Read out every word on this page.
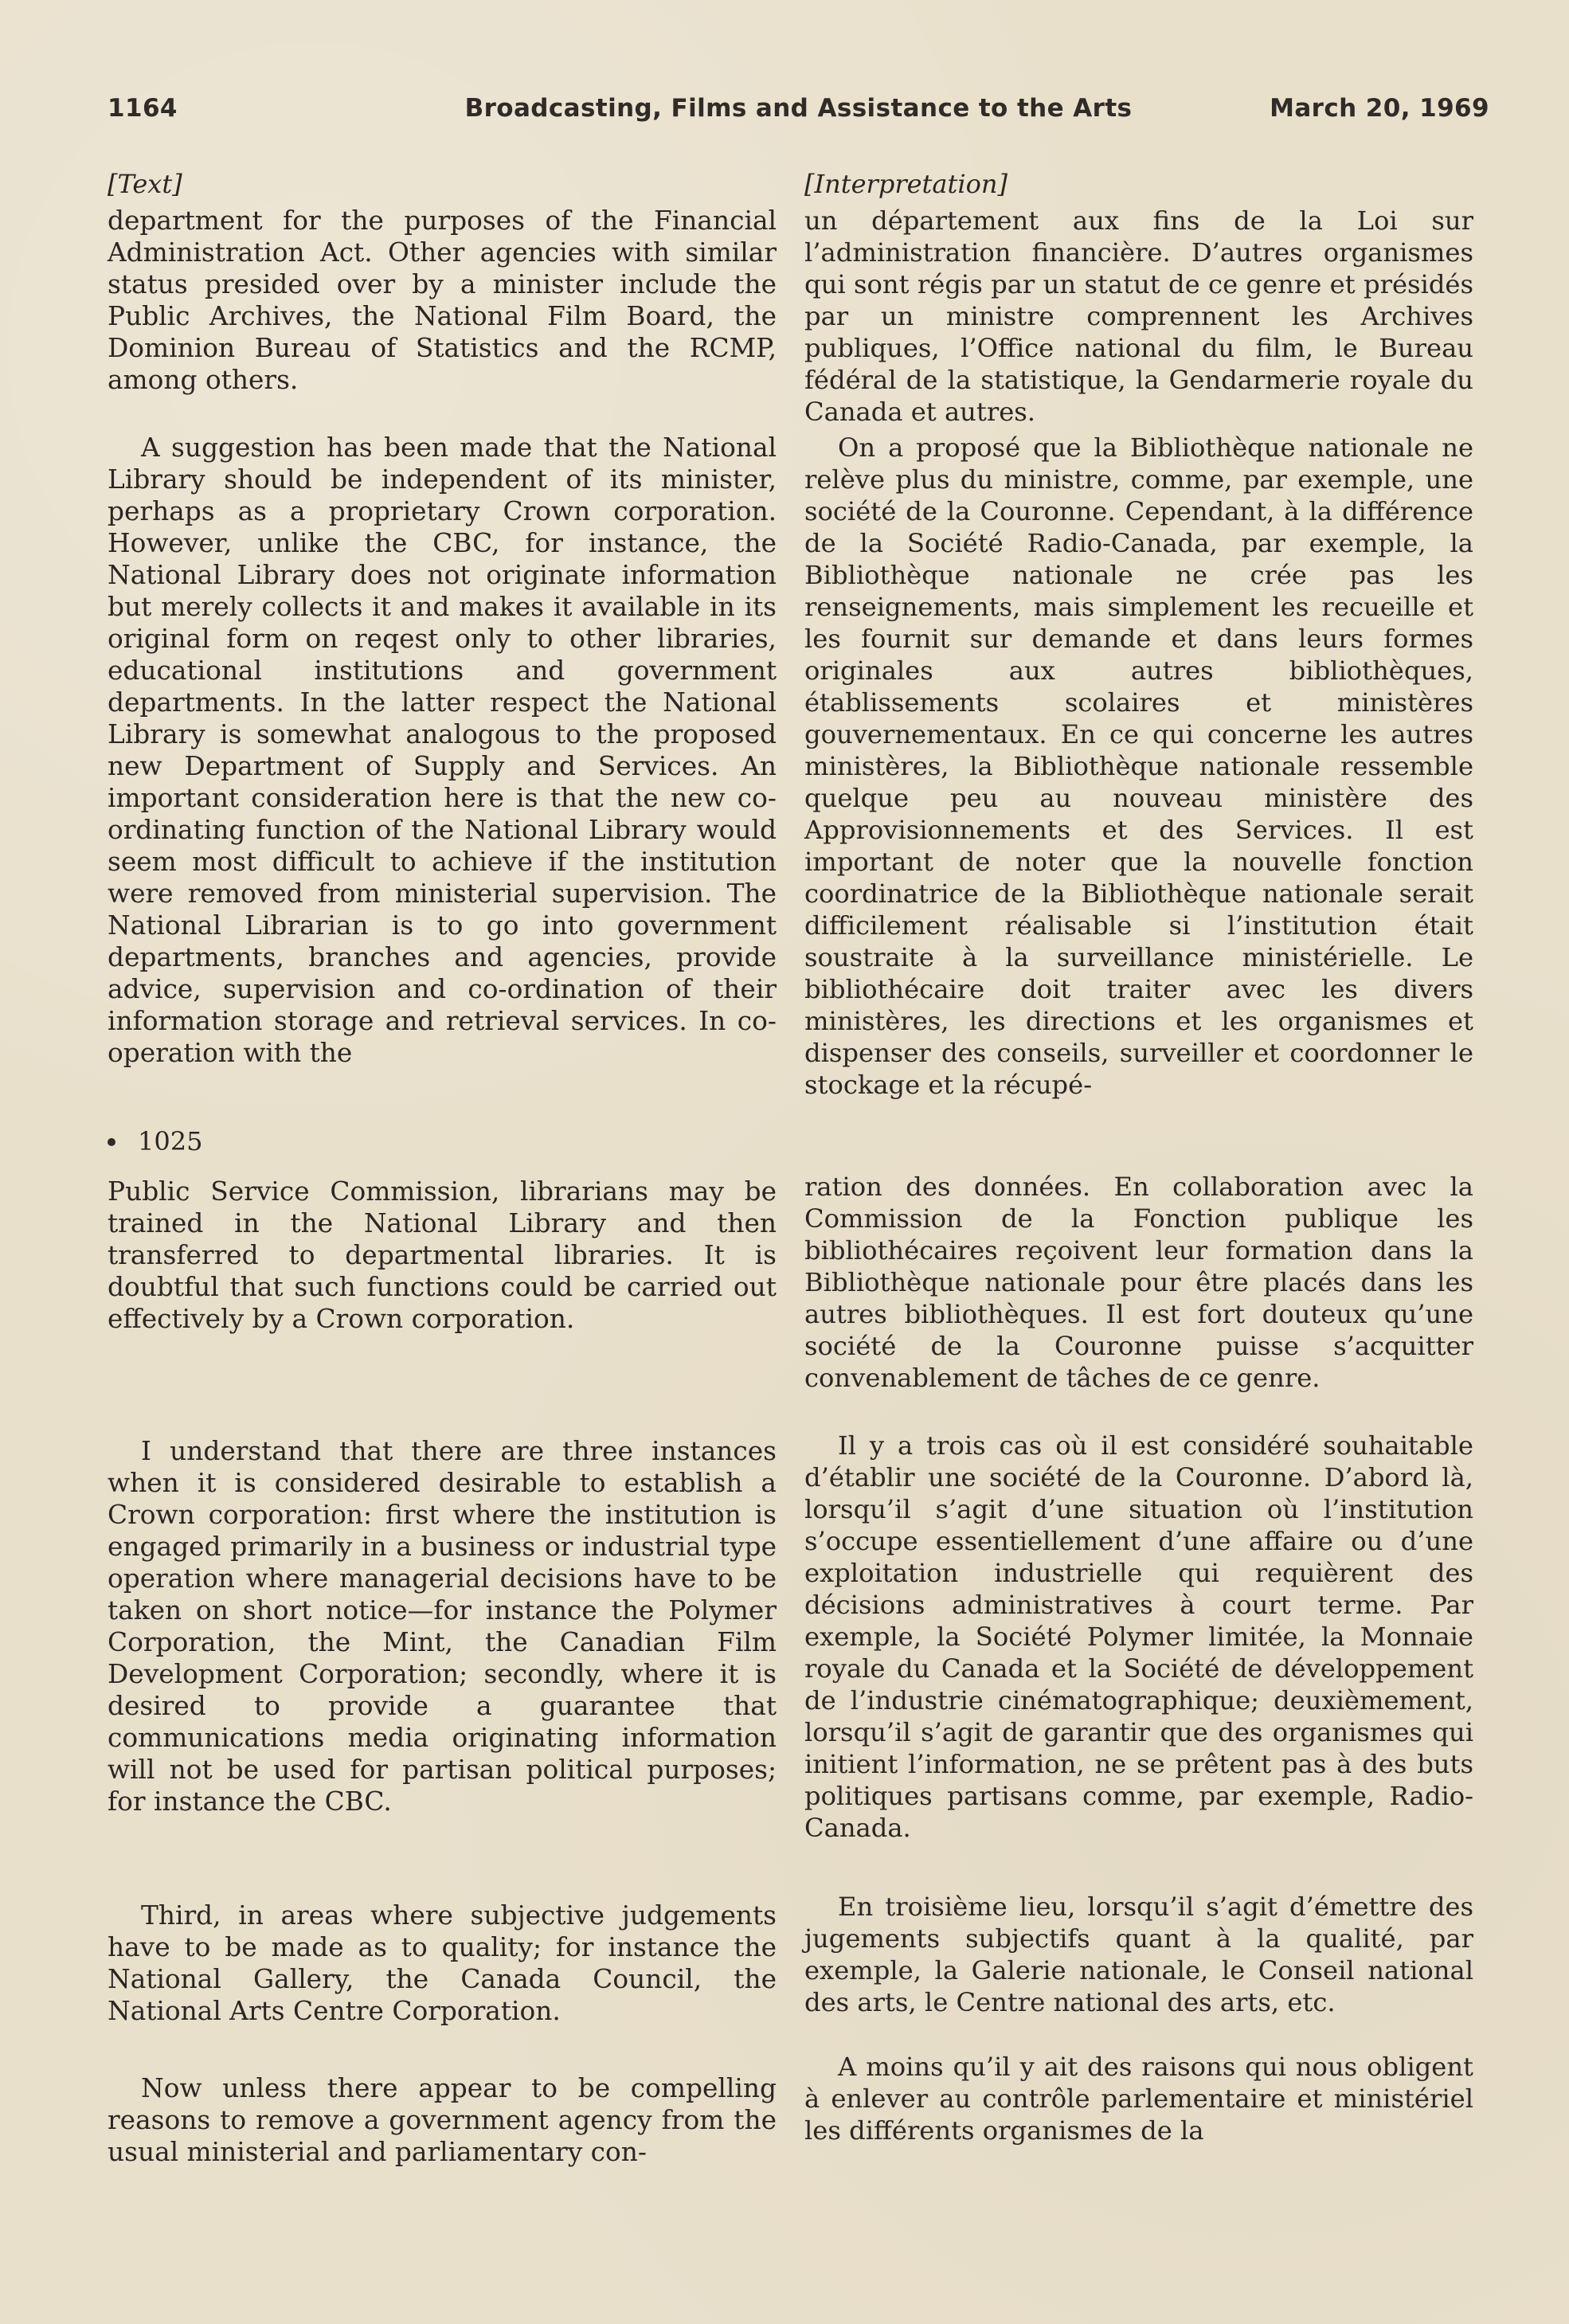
1164	Broadcasting, Films and Assistance to the Arts	March 20, 1969
[Text]
department for the purposes of the Financial Administration Act. Other agencies with similar status presided over by a minister include the Public Archives, the National Film Board, the Dominion Bureau of Statistics and the RCMP, among others.
A suggestion has been made that the National Library should be independent of its minister, perhaps as a proprietary Crown corporation. However, unlike the CBC, for instance, the National Library does not originate information but merely collects it and makes it available in its original form on reqest only to other libraries, educational institutions and government departments. In the latter respect the National Library is somewhat analogous to the proposed new Department of Supply and Services. An important consideration here is that the new co-ordinating function of the National Library would seem most difficult to achieve if the institution were removed from ministerial supervision. The National Librarian is to go into government departments, branches and agencies, provide advice, supervision and co-ordination of their information storage and retrieval services. In co-operation with the
Public Service Commission, librarians may be trained in the National Library and then transferred to departmental libraries. It is doubtful that such functions could be carried out effectively by a Crown corporation.
I understand that there are three instances when it is considered desirable to establish a Crown corporation: first where the institution is engaged primarily in a business or industrial type operation where managerial decisions have to be taken on short notice—for instance the Polymer Corporation, the Mint, the Canadian Film Development Corporation; secondly, where it is desired to provide a guarantee that communications media originating information will not be used for partisan political purposes; for instance the CBC.
Third, in areas where subjective judgements have to be made as to quality; for instance the National Gallery, the Canada Council, the National Arts Centre Corporation.
Now unless there appear to be compelling reasons to remove a government agency from the usual ministerial and parliamentary con-
1025
[Interpretation]
un département aux fins de la Loi sur l’administration financière. D’autres organismes qui sont régis par un statut de ce genre et présidés par un ministre comprennent les Archives publiques, l’Office national du film, le Bureau fédéral de la statistique, la Gendarmerie royale du Canada et autres.
On a proposé que la Bibliothèque nationale ne relève plus du ministre, comme, par exemple, une société de la Couronne. Cependant, à la différence de la Société Radio-Canada, par exemple, la Bibliothèque nationale ne crée pas les renseignements, mais simplement les recueille et les fournit sur demande et dans leurs formes originales aux autres bibliothèques, établissements scolaires et ministères gouvernementaux. En ce qui concerne les autres ministères, la Bibliothèque nationale ressemble quelque peu au nouveau ministère des Approvisionnements et des Services. Il est important de noter que la nouvelle fonction coordinatrice de la Bibliothèque nationale serait difficilement réalisable si l’institution était soustraite à la surveillance ministérielle. Le bibliothécaire doit traiter avec les divers ministères, les directions et les organismes et dispenser des conseils, surveiller et coordonner le stockage et la récupé-
ration des données. En collaboration avec la Commission de la Fonction publique les bibliothécaires reçoivent leur formation dans la Bibliothèque nationale pour être placés dans les autres bibliothèques. Il est fort douteux qu’une société de la Couronne puisse s’acquitter convenablement de tâches de ce genre.
Il y a trois cas où il est considéré souhaitable d’établir une société de la Couronne. D’abord là, lorsqu’il s’agit d’une situation où l’institution s’occupe essentiellement d’une affaire ou d’une exploitation industrielle qui requièrent des décisions administratives à court terme. Par exemple, la Société Polymer limitée, la Monnaie royale du Canada et la Société de développement de l’industrie cinématographique; deuxièmement, lorsqu’il s’agit de garantir que des organismes qui initient l’information, ne se prêtent pas à des buts politiques partisans comme, par exemple, Radio-Canada.
En troisième lieu, lorsqu’il s’agit d’émettre des jugements subjectifs quant à la qualité, par exemple, la Galerie nationale, le Conseil national des arts, le Centre national des arts, etc.
A moins qu’il y ait des raisons qui nous obligent à enlever au contrôle parlementaire et ministériel les différents organismes de la
